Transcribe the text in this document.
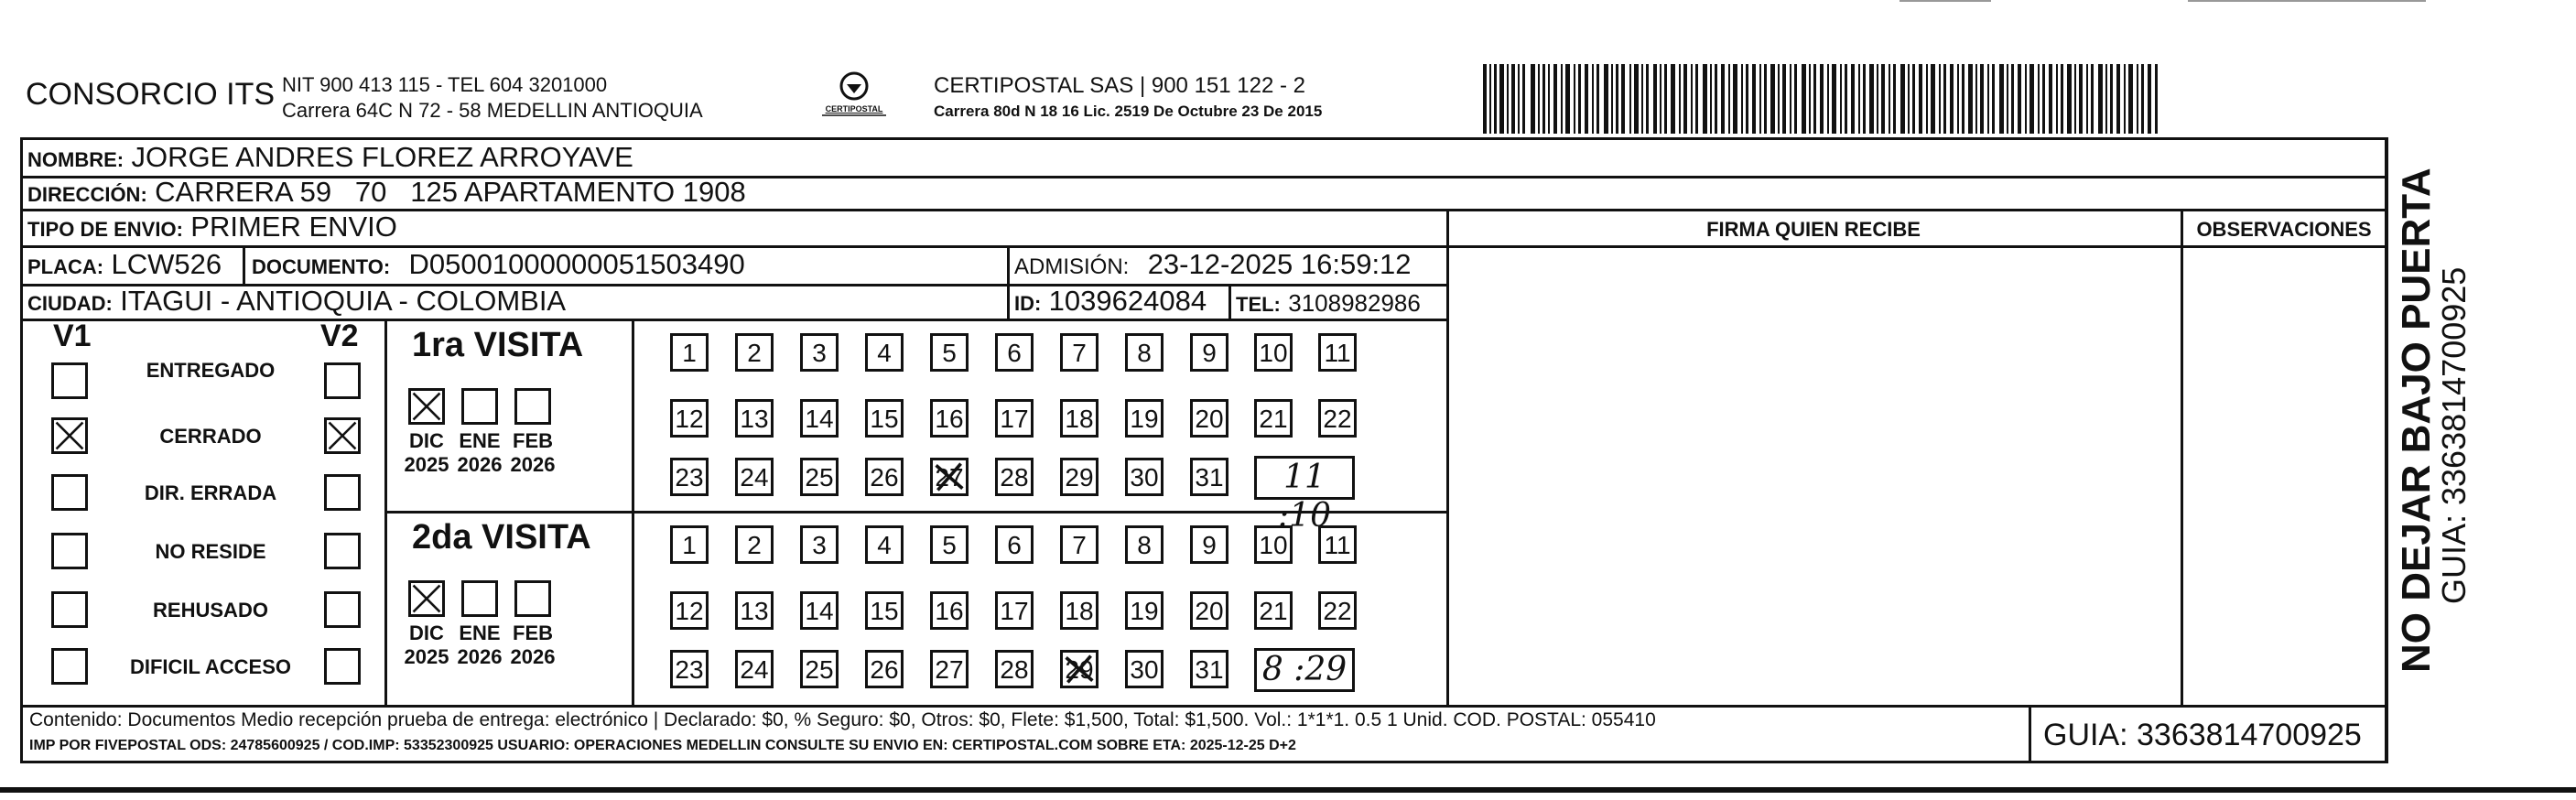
CONSORCIO ITS NIT 900 413 115 - TEL 604 3201000
Carrera 64C N 72 - 58 MEDELLIN ANTIOQUIA	CERTIPOSTAL
CERTIPOSTAL SAS | 900 151 122 - 2
Carrera 80d N 18 16 Lic. 2519 De Octubre 23 De 2015
NOMBRE: JORGE ANDRES FLOREZ ARROYAVE
DIRECCIÓN: CARRERA 59   70   125 APARTAMENTO 1908
TIPO DE ENVIO: PRIMER ENVIO	FIRMA QUIEN RECIBE	OBSERVACIONES
PLACA: LCW526 DOCUMENTO: D05001000000051503490	ADMISIÓN: 23-12-2025 16:59:12
CIUDAD: ITAGUI - ANTIOQUIA - COLOMBIA	ID: 1039624084 TEL: 3108982986
V1	V2
ENTREGADO
CERRADO
DIR. ERRADA
NO RESIDE
REHUSADO
DIFICIL ACCESO
1ra VISITA
DIC
2025
ENE
2026
FEB
2026
1	2	3	4	5	6	7	8	9	10 11
12 13 14 15 16 17 18 19 20 21 22
23 24 25 26 27 28 29 30 31	11 :10
2da VISITA
DIC
2025
ENE
2026
FEB
2026
1	2	3	4	5	6	7	8	9	10 11
12 13 14 15 16 17 18 19 20 21 22
23 24 25 26 27 28 29 30 31 8 :29	NO DEJAR BAJO PUERTA
GUIA: 3363814700925
Contenido: Documentos Medio recepción prueba de entrega: electrónico | Declarado: $0, % Seguro: $0, Otros: $0, Flete: $1,500, Total: $1,500. Vol.: 1*1*1. 0.5 1 Unid. COD. POSTAL: 055410
IMP POR FIVEPOSTAL ODS: 24785600925 / COD.IMP: 53352300925 USUARIO: OPERACIONES MEDELLIN CONSULTE SU ENVIO EN: CERTIPOSTAL.COM SOBRE ETA: 2025-12-25 D+2	GUIA: 3363814700925
